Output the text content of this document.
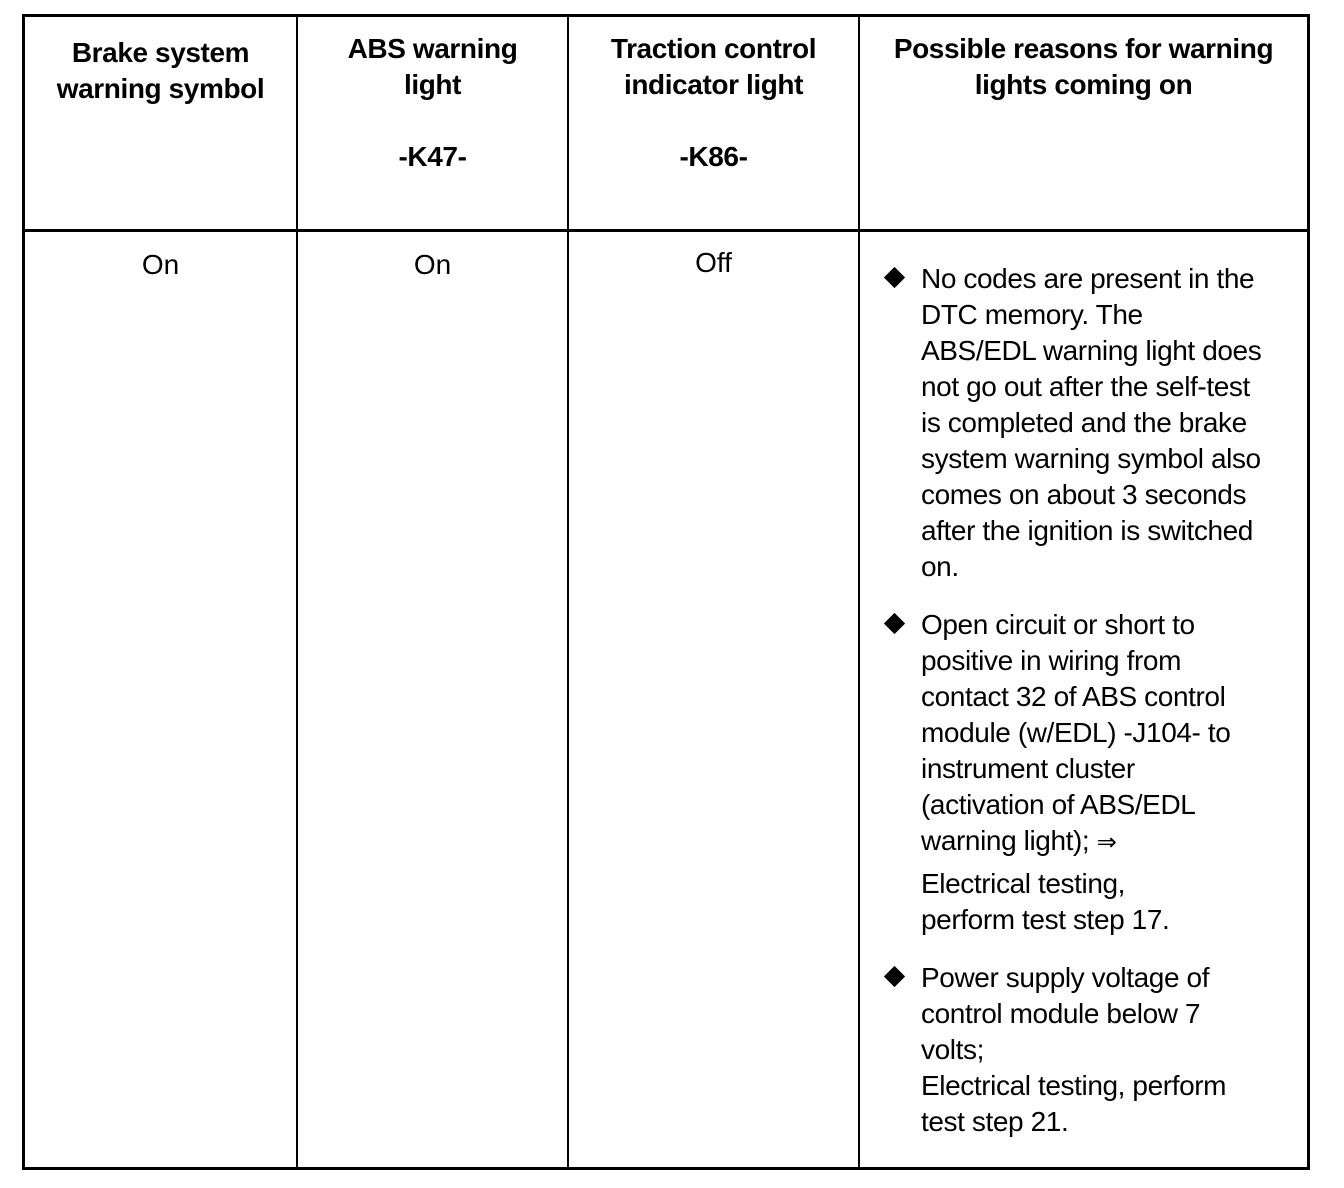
Brake system
warning symbol
ABS warning
light
-K47-
Traction control
indicator light
-K86-
Possible reasons for warning
lights coming on
On	On	Off
No codes are present in the
DTC memory. The
ABS/EDL warning light does
not go out after the self-test
is completed and the brake
system warning symbol also
comes on about 3 seconds
after the ignition is switched
on.
Open circuit or short to
positive in wiring from
contact 32 of ABS control
module (w/EDL) -J104- to
instrument cluster
(activation of ABS/EDL
warning light); ⇒
Electrical testing,
perform test step 17.
Power supply voltage of
control module below 7
volts;
Electrical testing, perform
test step 21.
